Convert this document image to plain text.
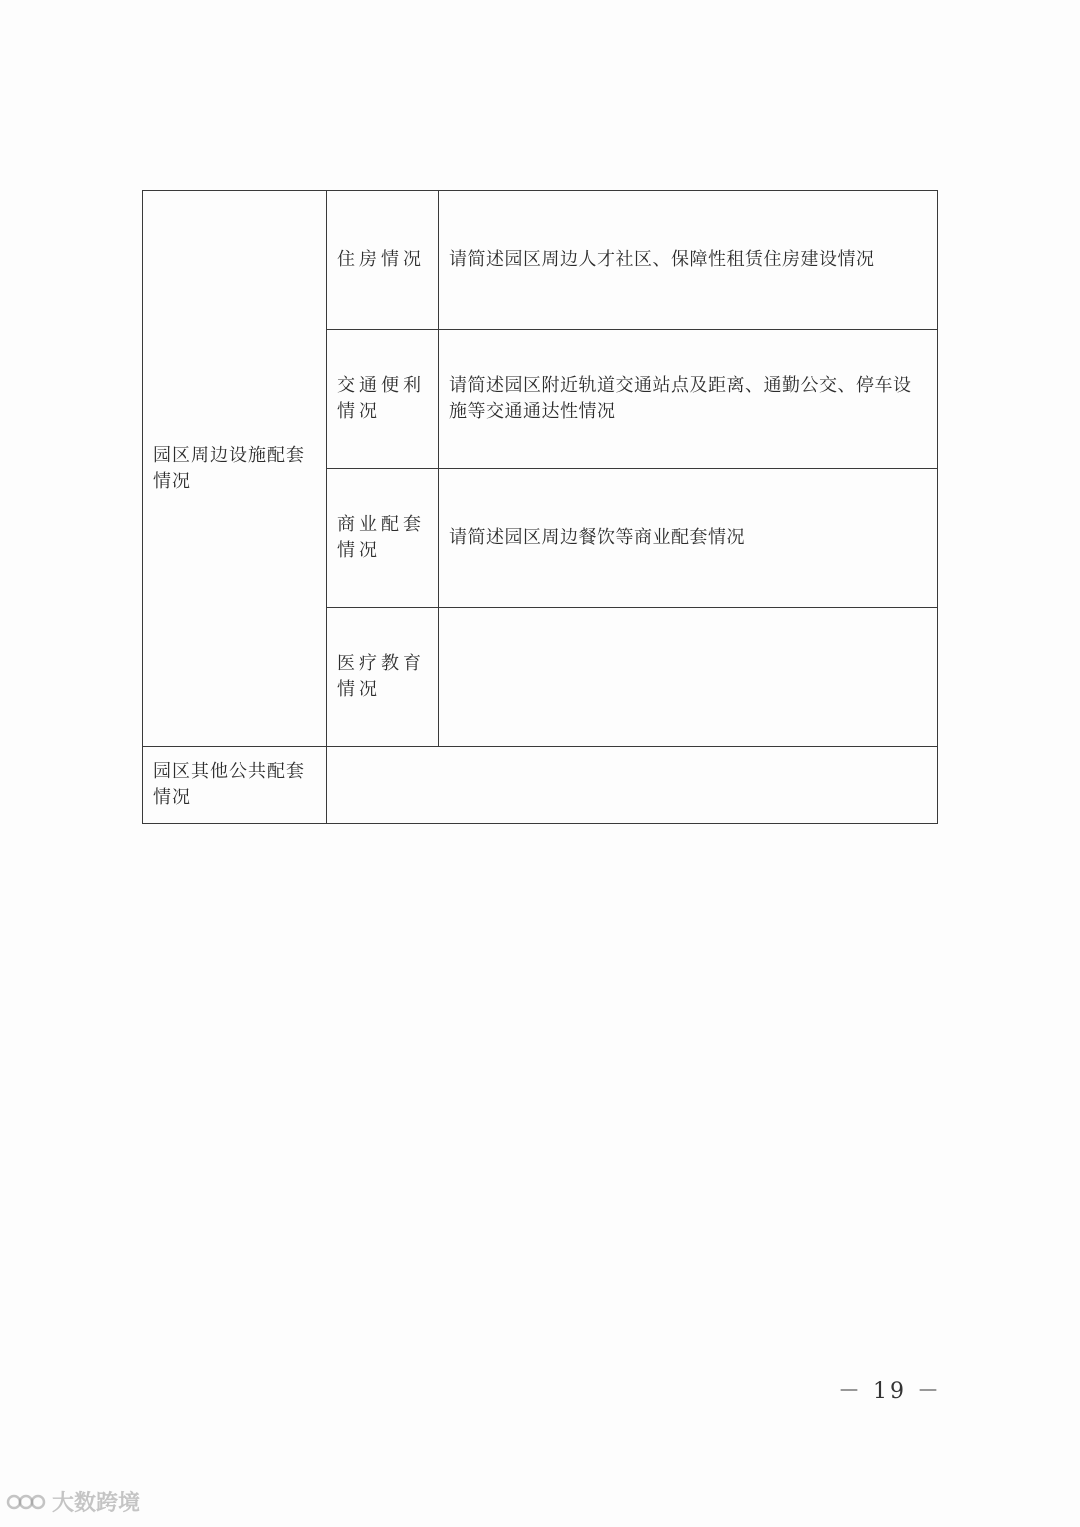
园区周边设施配套情况	住房情况	请简述园区周边人才社区、保障性租赁住房建设情况
	交通便利情况	请简述园区附近轨道交通站点及距离、通勤公交、停车设施等交通通达性情况
	商业配套情况	请简述园区周边餐饮等商业配套情况
	医疗教育情况	
园区其他公共配套情况		
－ 19 －
大数跨境
